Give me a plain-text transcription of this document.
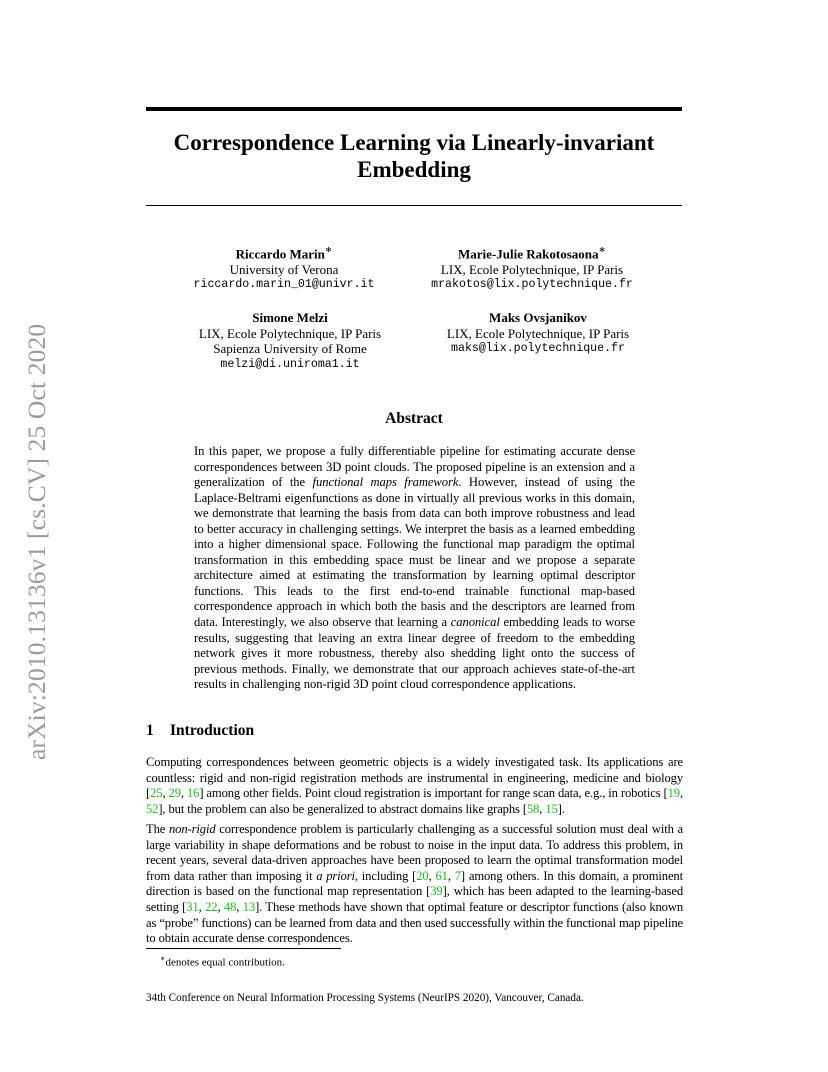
arXiv:2010.13136v1 [cs.CV] 25 Oct 2020
Correspondence Learning via Linearly-invariant
Embedding
Riccardo Marin∗
University of Verona
riccardo.marin_01@univr.it
Marie-Julie Rakotosaona∗
LIX, Ecole Polytechnique, IP Paris
mrakotos@lix.polytechnique.fr
Simone Melzi
LIX, Ecole Polytechnique, IP Paris
Sapienza University of Rome
melzi@di.uniroma1.it
Maks Ovsjanikov
LIX, Ecole Polytechnique, IP Paris
maks@lix.polytechnique.fr
Abstract

In this paper, we propose a fully differentiable pipeline for estimating accurate dense correspondences between 3D point clouds. The proposed pipeline is an extension and a generalization of the functional maps framework. However, instead of using the Laplace-Beltrami eigenfunctions as done in virtually all previous works in this domain, we demonstrate that learning the basis from data can both improve robustness and lead to better accuracy in challenging settings. We interpret the basis as a learned embedding into a higher dimensional space. Following the functional map paradigm the optimal transformation in this embedding space must be linear and we propose a separate architecture aimed at estimating the transformation by learning optimal descriptor functions. This leads to the first end-to-end trainable functional map-based correspondence approach in which both the basis and the descriptors are learned from data. Interestingly, we also observe that learning a canonical embedding leads to worse results, suggesting that leaving an extra linear degree of freedom to the embedding network gives it more robustness, thereby also shedding light onto the success of previous methods. Finally, we demonstrate that our approach achieves state-of-the-art results in challenging non-rigid 3D point cloud correspondence applications.

1 Introduction

Computing correspondences between geometric objects is a widely investigated task. Its applications are countless: rigid and non-rigid registration methods are instrumental in engineering, medicine and biology [25, 29, 16] among other fields. Point cloud registration is important for range scan data, e.g., in robotics [19, 52], but the problem can also be generalized to abstract domains like graphs [58, 15].

The non-rigid correspondence problem is particularly challenging as a successful solution must deal with a large variability in shape deformations and be robust to noise in the input data. To address this problem, in recent years, several data-driven approaches have been proposed to learn the optimal transformation model from data rather than imposing it a priori, including [20, 61, 7] among others. In this domain, a prominent direction is based on the functional map representation [39], which has been adapted to the learning-based setting [31, 22, 48, 13]. These methods have shown that optimal feature or descriptor functions (also known as “probe” functions) can be learned from data and then used successfully within the functional map pipeline to obtain accurate dense correspondences.

∗denotes equal contribution.

34th Conference on Neural Information Processing Systems (NeurIPS 2020), Vancouver, Canada.
